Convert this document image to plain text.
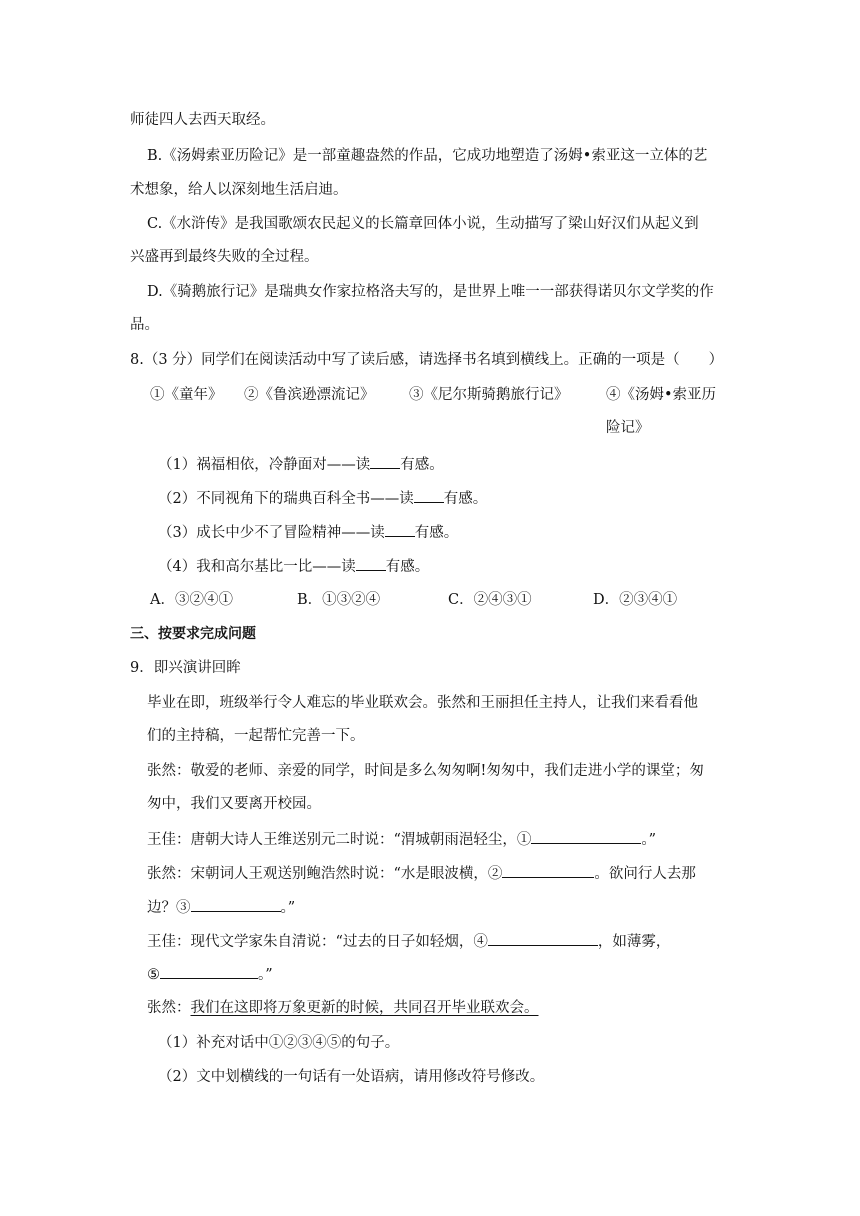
师徒四人去西天取经。
B.《汤姆索亚历险记》是一部童趣盎然的作品，它成功地塑造了汤姆•索亚这一立体的艺
术想象，给人以深刻地生活启迪。
C.《水浒传》是我国歌颂农民起义的长篇章回体小说，生动描写了梁山好汉们从起义到
兴盛再到最终失败的全过程。
D.《骑鹅旅行记》是瑞典女作家拉格洛夫写的，是世界上唯一一部获得诺贝尔文学奖的作
品。
8.（3 分）同学们在阅读活动中写了读后感，请选择书名填到横线上。正确的一项是（　　）
①《童年》 ②《鲁滨逊漂流记》 ③《尼尔斯骑鹅旅行记》	④《汤姆•索亚历
险记》
（1）祸福相依，冷静面对——读 有感。
（2）不同视角下的瑞典百科全书——读 有感。
（3）成长中少不了冒险精神——读 有感。
（4）我和高尔基比一比——读 有感。
A．③②④①	B．①③②④	C．②④③①	D．②③④①
三、按要求完成问题
9．即兴演讲回眸
毕业在即，班级举行令人难忘的毕业联欢会。张然和王丽担任主持人，让我们来看看他
们的主持稿，一起帮忙完善一下。
张然：敬爱的老师、亲爱的同学，时间是多么匆匆啊!匆匆中，我们走进小学的课堂；匆
匆中，我们又要离开校园。
王佳：唐朝大诗人王维送别元二时说：“渭城朝雨浥轻尘，①	。”
张然：宋朝词人王观送别鲍浩然时说：“水是眼波横，②	。欲问行人去那
边？③	。”
王佳：现代文学家朱自清说：“过去的日子如轻烟，④	，如薄雾，
⑤	。”
张然：我们在这即将万象更新的时候，共同召开毕业联欢会。
（1）补充对话中①②③④⑤的句子。
（2）文中划横线的一句话有一处语病，请用修改符号修改。
